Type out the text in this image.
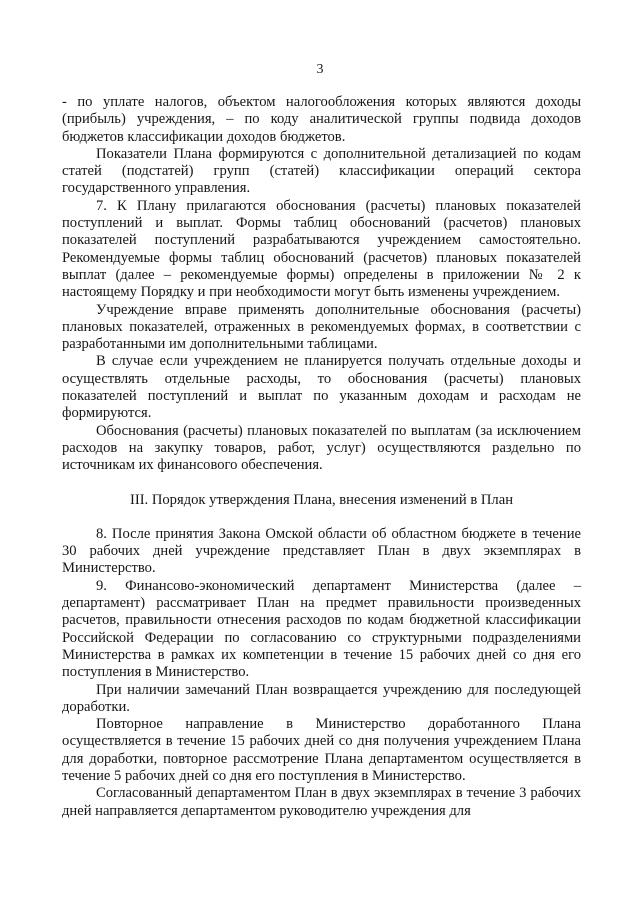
3

- по уплате налогов, объектом налогообложения которых являются доходы (прибыль) учреждения, – по коду аналитической группы подвида доходов бюджетов классификации доходов бюджетов.

Показатели Плана формируются с дополнительной детализацией по кодам статей (подстатей) групп (статей) классификации операций сектора государственного управления.

7. К Плану прилагаются обоснования (расчеты) плановых показателей поступлений и выплат. Формы таблиц обоснований (расчетов) плановых показателей поступлений разрабатываются учреждением самостоятельно. Рекомендуемые формы таблиц обоснований (расчетов) плановых показателей выплат (далее – рекомендуемые формы) определены в приложении № 2 к настоящему Порядку и при необходимости могут быть изменены учреждением.

Учреждение вправе применять дополнительные обоснования (расчеты) плановых показателей, отраженных в рекомендуемых формах, в соответствии с разработанными им дополнительными таблицами.

В случае если учреждением не планируется получать отдельные доходы и осуществлять отдельные расходы, то обоснования (расчеты) плановых показателей поступлений и выплат по указанным доходам и расходам не формируются.

Обоснования (расчеты) плановых показателей по выплатам (за исключением расходов на закупку товаров, работ, услуг) осуществляются раздельно по источникам их финансового обеспечения.

III. Порядок утверждения Плана, внесения изменений в План

8. После принятия Закона Омской области об областном бюджете в течение 30 рабочих дней учреждение представляет План в двух экземплярах в Министерство.

9. Финансово-экономический департамент Министерства (далее – департамент) рассматривает План на предмет правильности произведенных расчетов, правильности отнесения расходов по кодам бюджетной классификации Российской Федерации по согласованию со структурными подразделениями Министерства в рамках их компетенции в течение 15 рабочих дней со дня его поступления в Министерство.

При наличии замечаний План возвращается учреждению для последующей доработки.

Повторное направление в Министерство доработанного Плана осуществляется в течение 15 рабочих дней со дня получения учреждением Плана для доработки, повторное рассмотрение Плана департаментом осуществляется в течение 5 рабочих дней со дня его поступления в Министерство.

Согласованный департаментом План в двух экземплярах в течение 3 рабочих дней направляется департаментом руководителю учреждения для
